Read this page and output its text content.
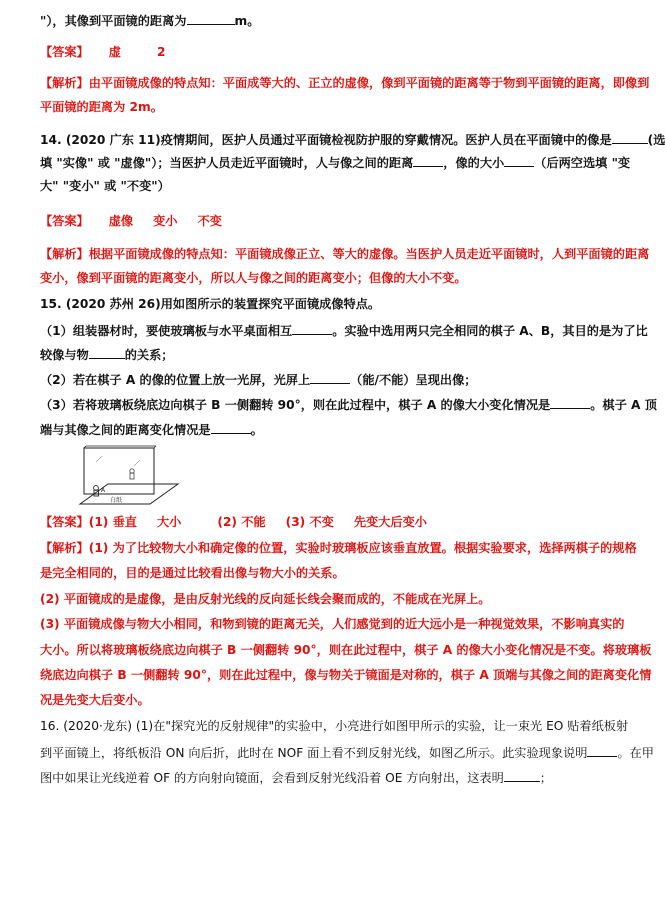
"），其像到平面镜的距离为	m。
【答案】 虚	2
【解析】由平面镜成像的特点知：平面成等大的、正立的虚像，像到平面镜的距离等于物到平面镜的距离，即像到
平面镜的距离为 2m。
14. (2020 广东 11)疫情期间，医护人员通过平面镜检视防护服的穿戴情况。医护人员在平面镜中的像是	(选
填 "实像" 或 "虚像"）；当医护人员走近平面镜时，人与像之间的距离 ，像的大小 （后两空选填 "变
大" "变小" 或 "不变"）
【答案】 虚像 变小 不变
【解析】根据平面镜成像的特点知：平面镜成像正立、等大的虚像。当医护人员走近平面镜时，人到平面镜的距离
变小，像到平面镜的距离变小，所以人与像之间的距离变小；但像的大小不变。
15. (2020 苏州 26)用如图所示的装置探究平面镜成像特点。
（1）组装器材时，要使玻璃板与水平桌面相互	。实验中选用两只完全相同的棋子 A、B，其目的是为了比
较像与物	的关系；
（2）若在棋子 A 的像的位置上放一光屏，光屏上	（能/不能）呈现出像；
（3）若将玻璃板绕底边向棋子 B 一侧翻转 90°，则在此过程中，棋子 A 的像大小变化情况是	。棋子 A 顶
端与其像之间的距离变化情况是	。
A
白纸
【答案】(1) 垂直 大小	(2) 不能 (3) 不变 先变大后变小
【解析】(1) 为了比较物大小和确定像的位置，实验时玻璃板应该垂直放置。根据实验要求，选择两棋子的规格
是完全相同的，目的是通过比较看出像与物大小的关系。
(2) 平面镜成的是虚像，是由反射光线的反向延长线会聚而成的，不能成在光屏上。
(3) 平面镜成像与物大小相同，和物到镜的距离无关，人们感觉到的近大远小是一种视觉效果，不影响真实的
大小。所以将玻璃板绕底边向棋子 B 一侧翻转 90°，则在此过程中，棋子 A 的像大小变化情况是不变。将玻璃板
绕底边向棋子 B 一侧翻转 90°，则在此过程中，像与物关于镜面是对称的，棋子 A 顶端与其像之间的距离变化情
况是先变大后变小。
16. (2020·龙东) (1)在"探究光的反射规律"的实验中，小亮进行如图甲所示的实验，让一束光 EO 贴着纸板射
到平面镜上，将纸板沿 ON 向后折，此时在 NOF 面上看不到反射光线，如图乙所示。此实验现象说明 。在甲
图中如果让光线逆着 OF 的方向射向镜面，会看到反射光线沿着 OE 方向射出，这表明	；
